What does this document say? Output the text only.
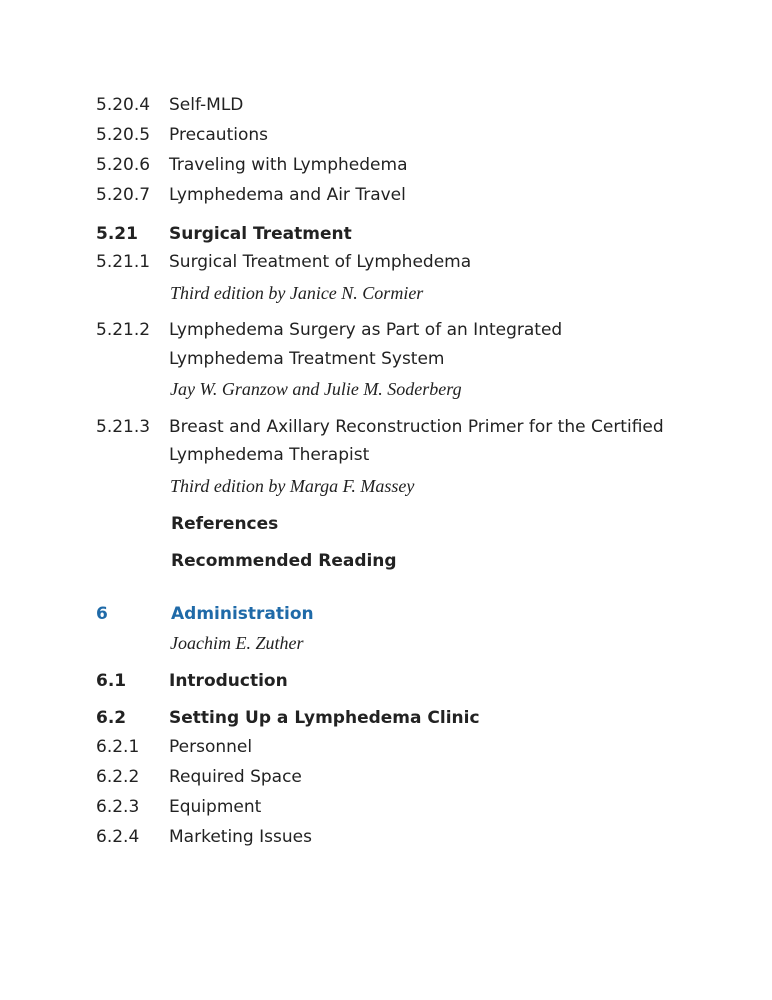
5.20.4 Self-MLD
5.20.5 Precautions
5.20.6 Traveling with Lymphedema
5.20.7 Lymphedema and Air Travel
5.21 Surgical Treatment
5.21.1 Surgical Treatment of Lymphedema
Third edition by Janice N. Cormier
5.21.2 Lymphedema Surgery as Part of an Integrated
Lymphedema Treatment System
Jay W. Granzow and Julie M. Soderberg
5.21.3 Breast and Axillary Reconstruction Primer for the Certified
Lymphedema Therapist
Third edition by Marga F. Massey
References
Recommended Reading
6	Administration
Joachim E. Zuther
6.1	Introduction
6.2	Setting Up a Lymphedema Clinic
6.2.1 Personnel
6.2.2 Required Space
6.2.3 Equipment
6.2.4 Marketing Issues
